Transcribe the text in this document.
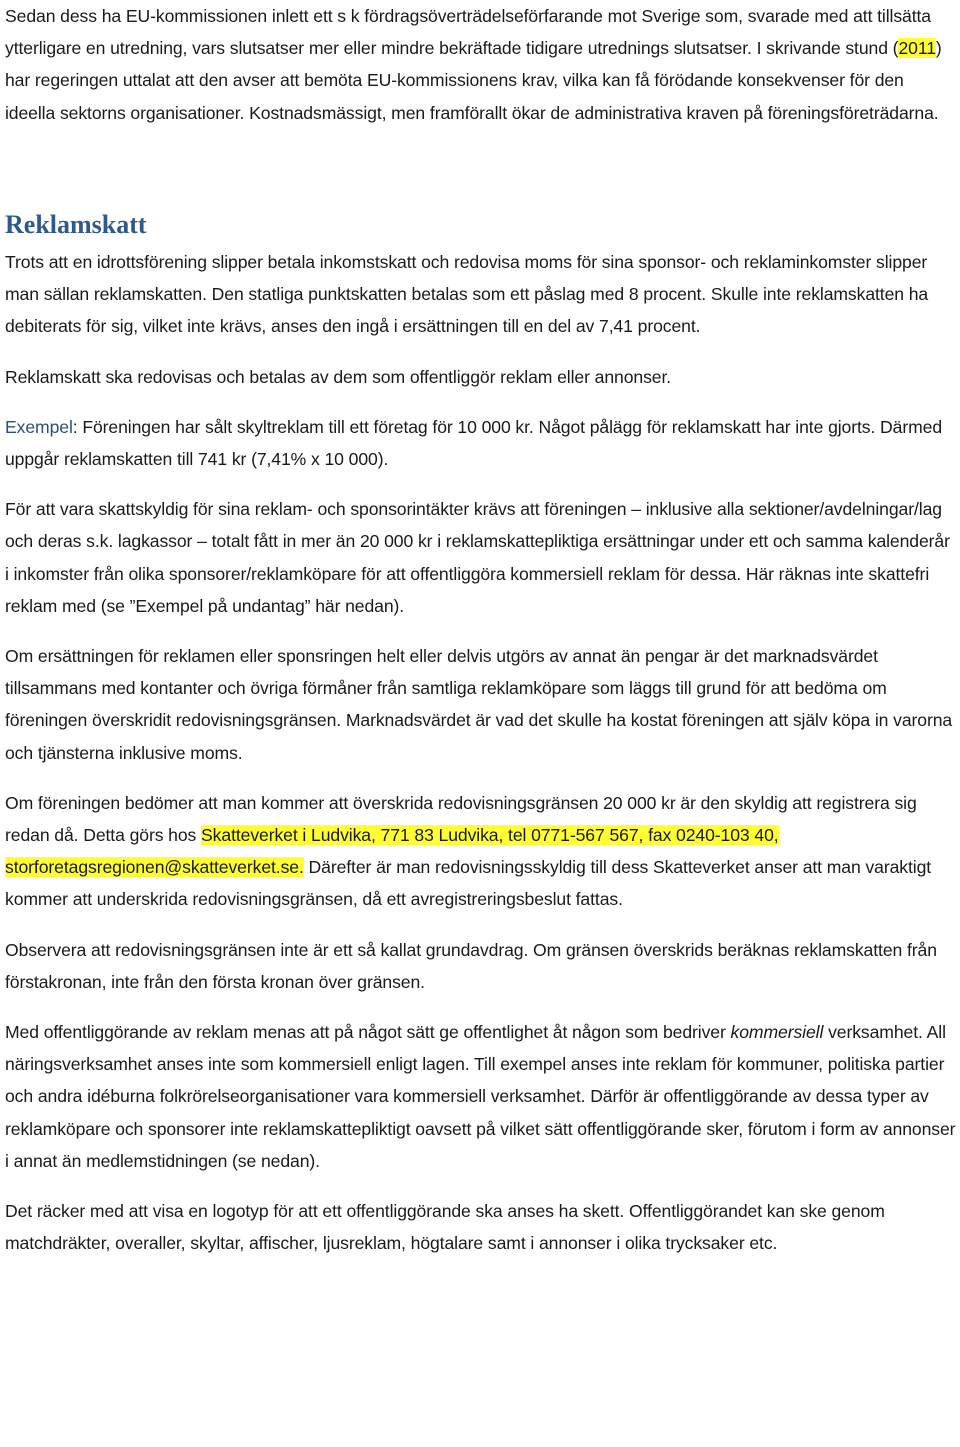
Sedan dess ha EU-kommissionen inlett ett s k fördragsöverträdelseförfarande mot Sverige som, svarade med att tillsätta ytterligare en utredning, vars slutsatser mer eller mindre bekräftade tidigare utrednings slutsatser. I skrivande stund (2011) har regeringen uttalat att den avser att bemöta EU-kommissionens krav, vilka kan få förödande konsekvenser för den ideella sektorns organisationer. Kostnadsmässigt, men framförallt ökar de administrativa kraven på föreningsföreträdarna.

Reklamskatt

Trots att en idrottsförening slipper betala inkomstskatt och redovisa moms för sina sponsor- och reklaminkomster slipper man sällan reklamskatten. Den statliga punktskatten betalas som ett påslag med 8 procent. Skulle inte reklamskatten ha debiterats för sig, vilket inte krävs, anses den ingå i ersättningen till en del av 7,41 procent.

Reklamskatt ska redovisas och betalas av dem som offentliggör reklam eller annonser.

Exempel: Föreningen har sålt skyltreklam till ett företag för 10 000 kr. Något pålägg för reklamskatt har inte gjorts. Därmed uppgår reklamskatten till 741 kr (7,41% x 10 000).

För att vara skattskyldig för sina reklam- och sponsorintäkter krävs att föreningen – inklusive alla sektioner/avdelningar/lag och deras s.k. lagkassor – totalt fått in mer än 20 000 kr i reklamskattepliktiga ersättningar under ett och samma kalenderår i inkomster från olika sponsorer/reklamköpare för att offentliggöra kommersiell reklam för dessa. Här räknas inte skattefri reklam med (se ”Exempel på undantag” här nedan).

Om ersättningen för reklamen eller sponsringen helt eller delvis utgörs av annat än pengar är det marknadsvärdet tillsammans med kontanter och övriga förmåner från samtliga reklamköpare som läggs till grund för att bedöma om föreningen överskridit redovisningsgränsen. Marknadsvärdet är vad det skulle ha kostat föreningen att själv köpa in varorna och tjänsterna inklusive moms.

Om föreningen bedömer att man kommer att överskrida redovisningsgränsen 20 000 kr är den skyldig att registrera sig redan då. Detta görs hos Skatteverket i Ludvika, 771 83 Ludvika, tel 0771-567 567, fax 0240-103 40, storforetagsregionen@skatteverket.se. Därefter är man redovisningsskyldig till dess Skatteverket anser att man varaktigt kommer att underskrida redovisningsgränsen, då ett avregistreringsbeslut fattas.

Observera att redovisningsgränsen inte är ett så kallat grundavdrag. Om gränsen överskrids beräknas reklamskatten från förstakronan, inte från den första kronan över gränsen.

Med offentliggörande av reklam menas att på något sätt ge offentlighet åt någon som bedriver kommersiell verksamhet. All näringsverksamhet anses inte som kommersiell enligt lagen. Till exempel anses inte reklam för kommuner, politiska partier och andra idéburna folkrörelseorganisationer vara kommersiell verksamhet. Därför är offentliggörande av dessa typer av reklamköpare och sponsorer inte reklamskattepliktigt oavsett på vilket sätt offentliggörande sker, förutom i form av annonser i annat än medlemstidningen (se nedan).

Det räcker med att visa en logotyp för att ett offentliggörande ska anses ha skett. Offentliggörandet kan ske genom matchdräkter, overaller, skyltar, affischer, ljusreklam, högtalare samt i annonser i olika trycksaker etc.
